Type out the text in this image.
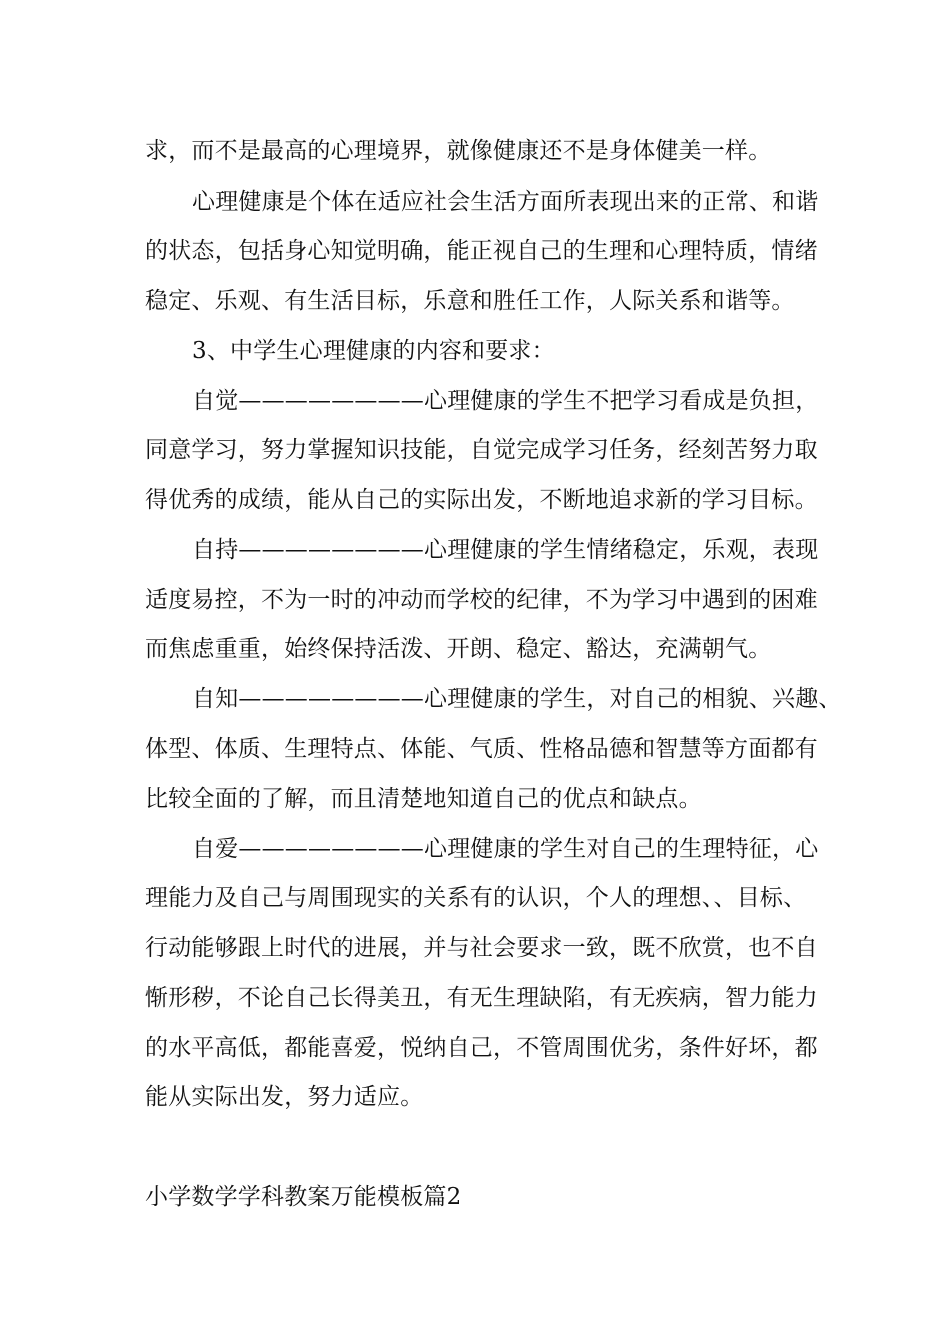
求，而不是最高的心理境界，就像健康还不是身体健美一样。
心理健康是个体在适应社会生活方面所表现出来的正常、和谐
的状态，包括身心知觉明确，能正视自己的生理和心理特质，情绪
稳定、乐观、有生活目标，乐意和胜任工作，人际关系和谐等。
3、中学生心理健康的内容和要求：
自觉————————心理健康的学生不把学习看成是负担，
同意学习，努力掌握知识技能，自觉完成学习任务，经刻苦努力取
得优秀的成绩，能从自己的实际出发，不断地追求新的学习目标。
自持————————心理健康的学生情绪稳定，乐观，表现
适度易控，不为一时的冲动而学校的纪律，不为学习中遇到的困难
而焦虑重重，始终保持活泼、开朗、稳定、豁达，充满朝气。
自知————————心理健康的学生，对自己的相貌、兴趣、
体型、体质、生理特点、体能、气质、性格品德和智慧等方面都有
比较全面的了解，而且清楚地知道自己的优点和缺点。
自爱————————心理健康的学生对自己的生理特征，心
理能力及自己与周围现实的关系有的认识，个人的理想、、目标、
行动能够跟上时代的进展，并与社会要求一致，既不欣赏，也不自
惭形秽，不论自己长得美丑，有无生理缺陷，有无疾病，智力能力
的水平高低，都能喜爱，悦纳自己，不管周围优劣，条件好坏，都
能从实际出发，努力适应。
小学数学学科教案万能模板篇2
